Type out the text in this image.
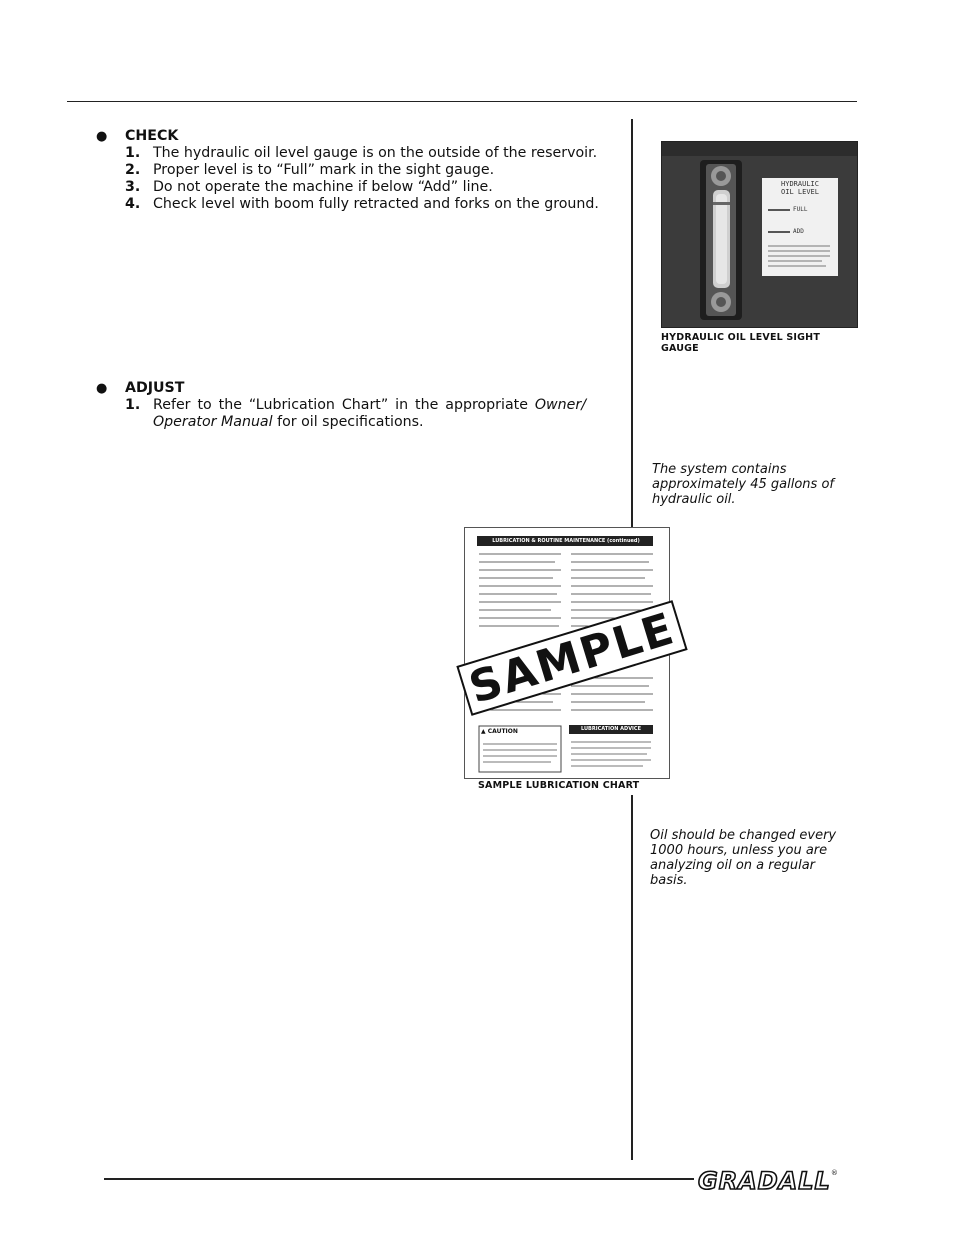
●	CHECK
1. The hydraulic oil level gauge is on the outside of the reservoir.
2. Proper level is to “Full” mark in the sight gauge.
3. Do not operate the machine if below “Add” line.
4. Check level with boom fully retracted and forks on the ground.
●	ADJUST
1. Refer to the “Lubrication Chart” in the appropriate Owner/ Operator Manual for oil specifications.
HYDRAULIC
OIL LEVEL
FULL
ADD
HYDRAULIC OIL LEVEL SIGHT GAUGE
The system contains approximately 45 gallons of hydraulic oil.
Oil should be changed every 1000 hours, unless you are analyzing oil on a regular basis.
LUBRICATION & ROUTINE MAINTENANCE (continued)
▲ CAUTION	LUBRICATION ADVICE
SAMPLE
SAMPLE LUBRICATION CHART
GRADALL®
